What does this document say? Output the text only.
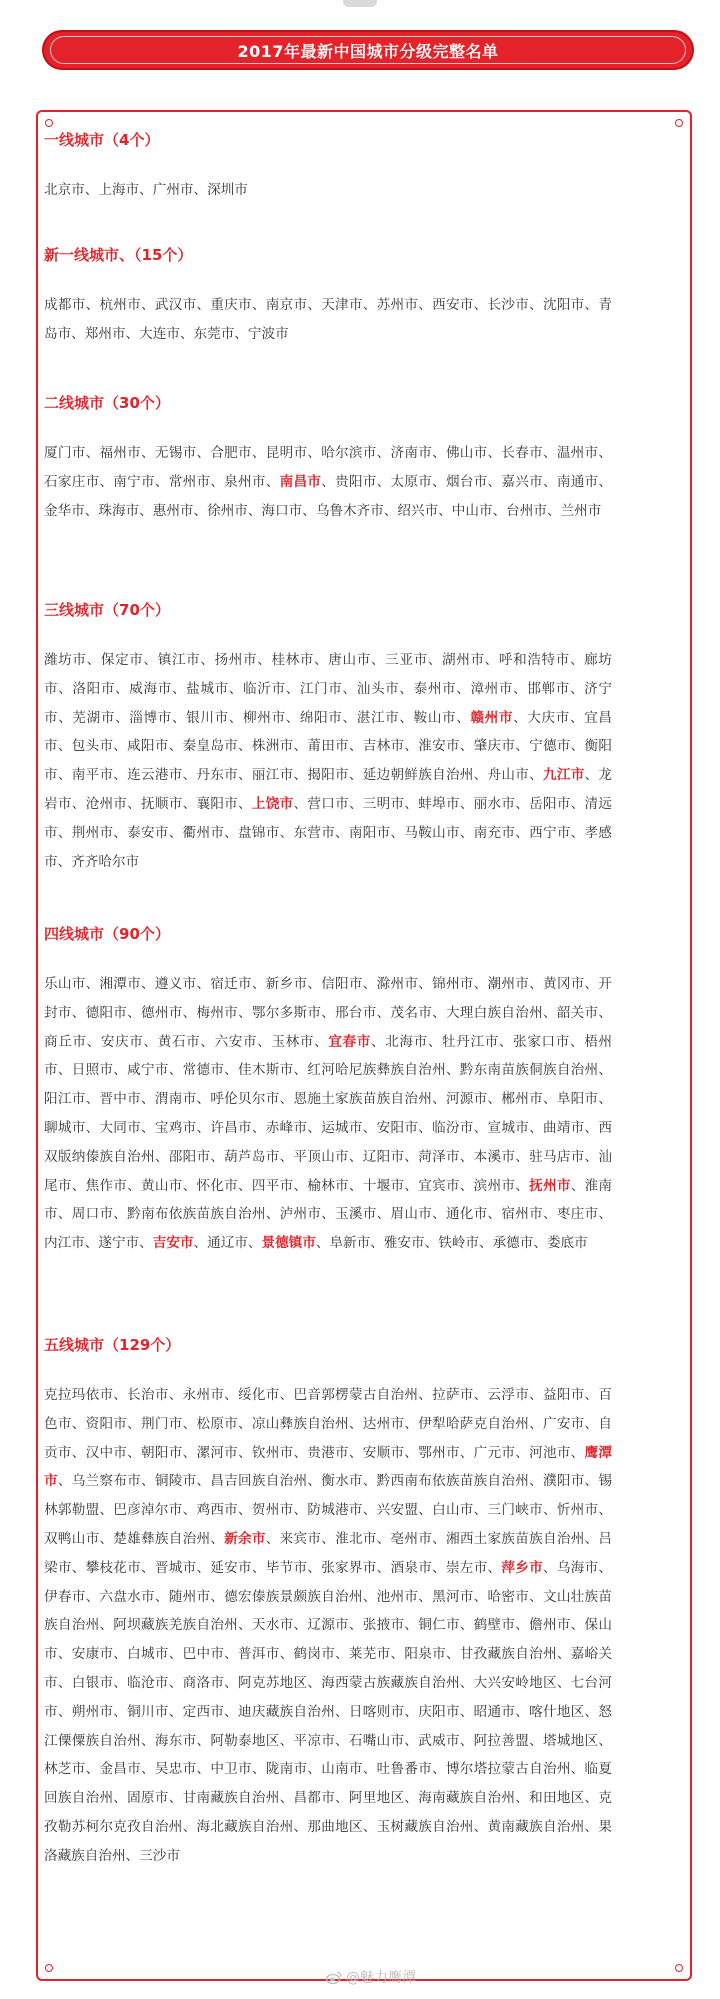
2017年最新中国城市分级完整名单
一线城市（4个）

北京市、上海市、广州市、深圳市

新一线城市、（15个）

成都市、杭州市、武汉市、重庆市、南京市、天津市、苏州市、西安市、长沙市、沈阳市、青岛市、郑州市、大连市、东莞市、宁波市

二线城市（30个）

厦门市、福州市、无锡市、合肥市、昆明市、哈尔滨市、济南市、佛山市、长春市、温州市、石家庄市、南宁市、常州市、泉州市、南昌市、贵阳市、太原市、烟台市、嘉兴市、南通市、金华市、珠海市、惠州市、徐州市、海口市、乌鲁木齐市、绍兴市、中山市、台州市、兰州市

三线城市（70个）

潍坊市、保定市、镇江市、扬州市、桂林市、唐山市、三亚市、湖州市、呼和浩特市、廊坊市、洛阳市、威海市、盐城市、临沂市、江门市、汕头市、泰州市、漳州市、邯郸市、济宁市、芜湖市、淄博市、银川市、柳州市、绵阳市、湛江市、鞍山市、赣州市、大庆市、宜昌市、包头市、咸阳市、秦皇岛市、株洲市、莆田市、吉林市、淮安市、肇庆市、宁德市、衡阳市、南平市、连云港市、丹东市、丽江市、揭阳市、延边朝鲜族自治州、舟山市、九江市、龙岩市、沧州市、抚顺市、襄阳市、上饶市、营口市、三明市、蚌埠市、丽水市、岳阳市、清远市、荆州市、泰安市、衢州市、盘锦市、东营市、南阳市、马鞍山市、南充市、西宁市、孝感市、齐齐哈尔市

四线城市（90个）

乐山市、湘潭市、遵义市、宿迁市、新乡市、信阳市、滁州市、锦州市、潮州市、黄冈市、开封市、德阳市、德州市、梅州市、鄂尔多斯市、邢台市、茂名市、大理白族自治州、韶关市、商丘市、安庆市、黄石市、六安市、玉林市、宜春市、北海市、牡丹江市、张家口市、梧州市、日照市、咸宁市、常德市、佳木斯市、红河哈尼族彝族自治州、黔东南苗族侗族自治州、阳江市、晋中市、渭南市、呼伦贝尔市、恩施土家族苗族自治州、河源市、郴州市、阜阳市、聊城市、大同市、宝鸡市、许昌市、赤峰市、运城市、安阳市、临汾市、宣城市、曲靖市、西双版纳傣族自治州、邵阳市、葫芦岛市、平顶山市、辽阳市、菏泽市、本溪市、驻马店市、汕尾市、焦作市、黄山市、怀化市、四平市、榆林市、十堰市、宜宾市、滨州市、抚州市、淮南市、周口市、黔南布依族苗族自治州、泸州市、玉溪市、眉山市、通化市、宿州市、枣庄市、内江市、遂宁市、吉安市、通辽市、景德镇市、阜新市、雅安市、铁岭市、承德市、娄底市

五线城市（129个）

克拉玛依市、长治市、永州市、绥化市、巴音郭楞蒙古自治州、拉萨市、云浮市、益阳市、百色市、资阳市、荆门市、松原市、凉山彝族自治州、达州市、伊犁哈萨克自治州、广安市、自贡市、汉中市、朝阳市、漯河市、钦州市、贵港市、安顺市、鄂州市、广元市、河池市、鹰潭市、乌兰察布市、铜陵市、昌吉回族自治州、衡水市、黔西南布依族苗族自治州、濮阳市、锡林郭勒盟、巴彦淖尔市、鸡西市、贺州市、防城港市、兴安盟、白山市、三门峡市、忻州市、双鸭山市、楚雄彝族自治州、新余市、来宾市、淮北市、亳州市、湘西土家族苗族自治州、吕梁市、攀枝花市、晋城市、延安市、毕节市、张家界市、酒泉市、崇左市、萍乡市、乌海市、伊春市、六盘水市、随州市、德宏傣族景颇族自治州、池州市、黑河市、哈密市、文山壮族苗族自治州、阿坝藏族羌族自治州、天水市、辽源市、张掖市、铜仁市、鹤壁市、儋州市、保山市、安康市、白城市、巴中市、普洱市、鹤岗市、莱芜市、阳泉市、甘孜藏族自治州、嘉峪关市、白银市、临沧市、商洛市、阿克苏地区、海西蒙古族藏族自治州、大兴安岭地区、七台河市、朔州市、铜川市、定西市、迪庆藏族自治州、日喀则市、庆阳市、昭通市、喀什地区、怒江傈僳族自治州、海东市、阿勒泰地区、平凉市、石嘴山市、武威市、阿拉善盟、塔城地区、林芝市、金昌市、吴忠市、中卫市、陇南市、山南市、吐鲁番市、博尔塔拉蒙古自治州、临夏回族自治州、固原市、甘南藏族自治州、昌都市、阿里地区、海南藏族自治州、和田地区、克孜勒苏柯尔克孜自治州、海北藏族自治州、那曲地区、玉树藏族自治州、黄南藏族自治州、果洛藏族自治州、三沙市

@魅力鹰潭
